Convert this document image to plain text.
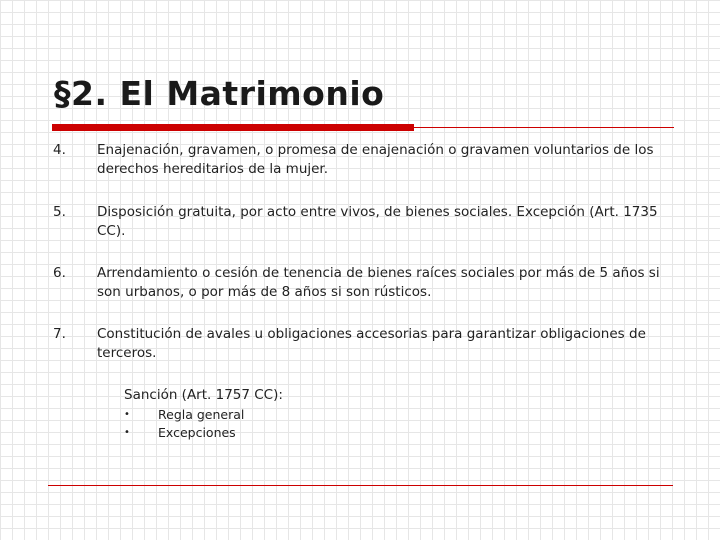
§2. El Matrimonio
4.	Enajenación, gravamen, o promesa de enajenación o gravamen voluntarios de los derechos hereditarios de la mujer.
5.	Disposición gratuita, por acto entre vivos, de bienes sociales. Excepción (Art. 1735 CC).
6.	Arrendamiento o cesión de tenencia de bienes raíces sociales por más de 5 años si son urbanos, o por más de 8 años si son rústicos.
7.	Constitución de avales u obligaciones accesorias para garantizar obligaciones de terceros.
Sanción (Art. 1757 CC):
•	Regla general
•	Excepciones
